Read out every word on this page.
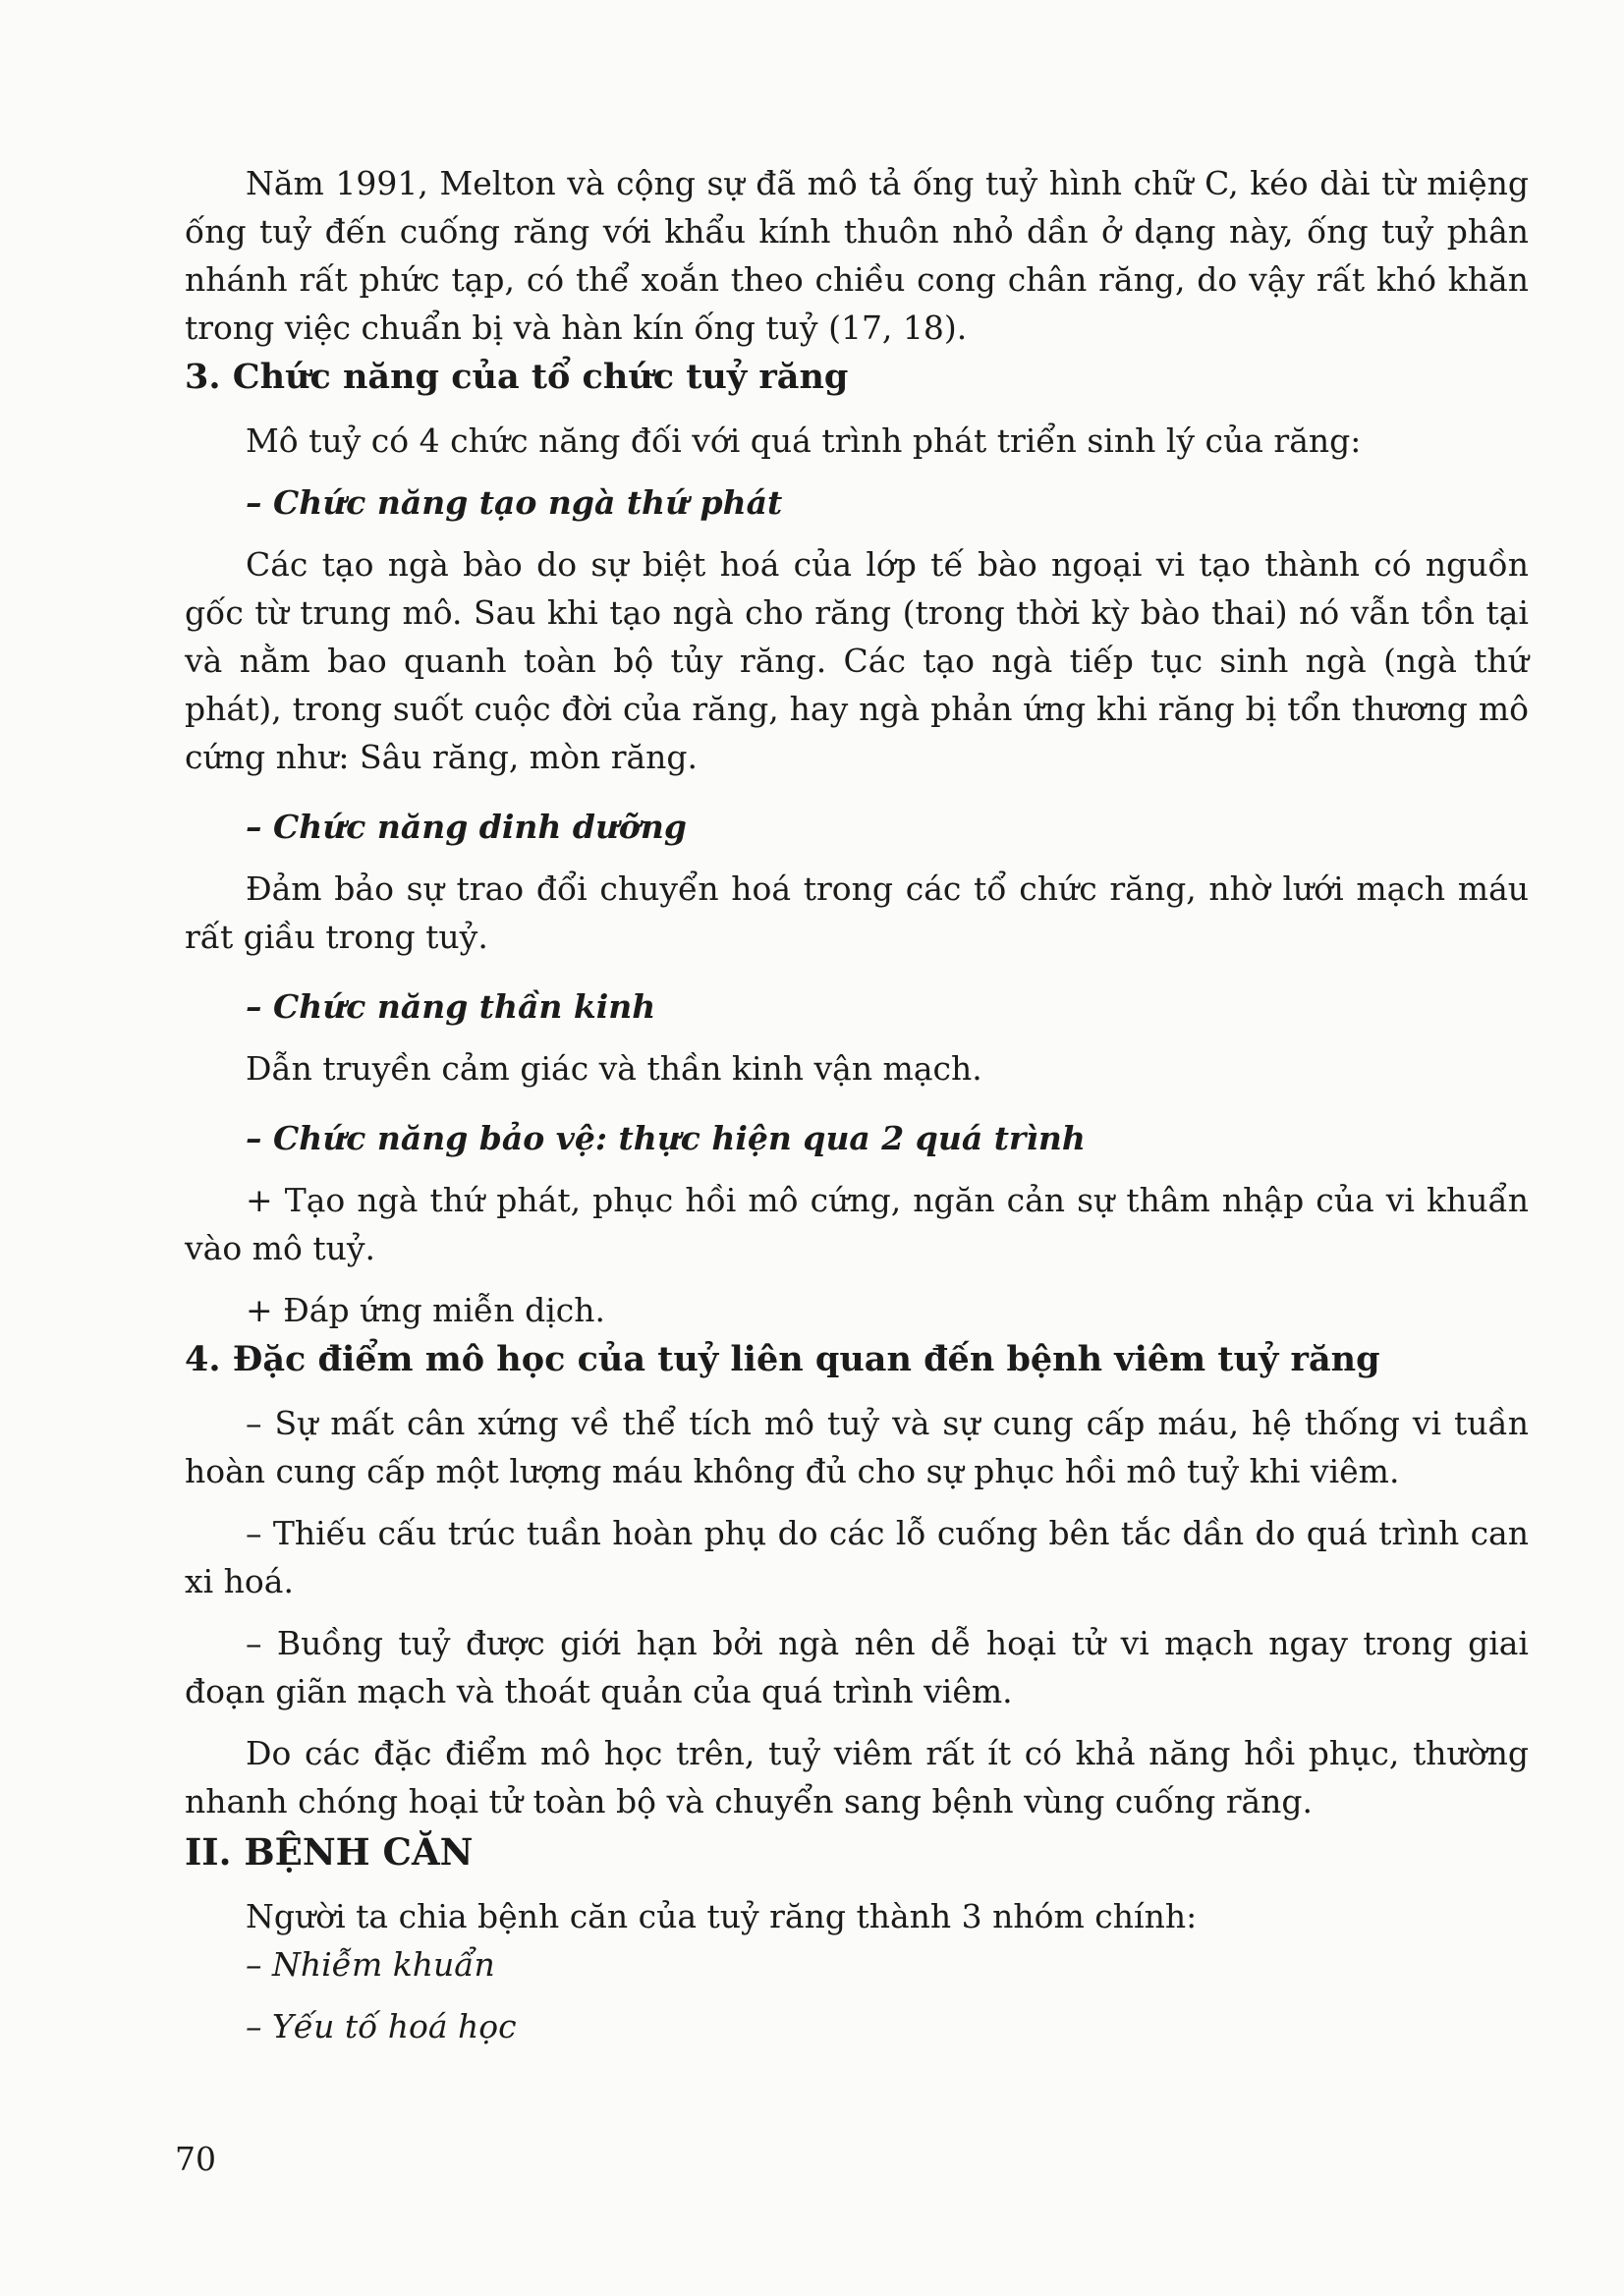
Năm 1991, Melton và cộng sự đã mô tả ống tuỷ hình chữ C, kéo dài từ miệng ống tuỷ đến cuống răng với khẩu kính thuôn nhỏ dần ở dạng này, ống tuỷ phân nhánh rất phức tạp, có thể xoắn theo chiều cong chân răng, do vậy rất khó khăn trong việc chuẩn bị và hàn kín ống tuỷ (17, 18).

3. Chức năng của tổ chức tuỷ răng

Mô tuỷ có 4 chức năng đối với quá trình phát triển sinh lý của răng:

– Chức năng tạo ngà thứ phát

Các tạo ngà bào do sự biệt hoá của lớp tế bào ngoại vi tạo thành có nguồn gốc từ trung mô. Sau khi tạo ngà cho răng (trong thời kỳ bào thai) nó vẫn tồn tại và nằm bao quanh toàn bộ tủy răng. Các tạo ngà tiếp tục sinh ngà (ngà thứ phát), trong suốt cuộc đời của răng, hay ngà phản ứng khi răng bị tổn thương mô cứng như: Sâu răng, mòn răng.

– Chức năng dinh dưỡng

Đảm bảo sự trao đổi chuyển hoá trong các tổ chức răng, nhờ lưới mạch máu rất giầu trong tuỷ.

– Chức năng thần kinh

Dẫn truyền cảm giác và thần kinh vận mạch.

– Chức năng bảo vệ: thực hiện qua 2 quá trình

+ Tạo ngà thứ phát, phục hồi mô cứng, ngăn cản sự thâm nhập của vi khuẩn vào mô tuỷ.

+ Đáp ứng miễn dịch.

4. Đặc điểm mô học của tuỷ liên quan đến bệnh viêm tuỷ răng

– Sự mất cân xứng về thể tích mô tuỷ và sự cung cấp máu, hệ thống vi tuần hoàn cung cấp một lượng máu không đủ cho sự phục hồi mô tuỷ khi viêm.

– Thiếu cấu trúc tuần hoàn phụ do các lỗ cuống bên tắc dần do quá trình can xi hoá.

– Buồng tuỷ được giới hạn bởi ngà nên dễ hoại tử vi mạch ngay trong giai đoạn giãn mạch và thoát quản của quá trình viêm.

Do các đặc điểm mô học trên, tuỷ viêm rất ít có khả năng hồi phục, thường nhanh chóng hoại tử toàn bộ và chuyển sang bệnh vùng cuống răng.

II. BỆNH CĂN

Người ta chia bệnh căn của tuỷ răng thành 3 nhóm chính:

– Nhiễm khuẩn

– Yếu tố hoá học

70
